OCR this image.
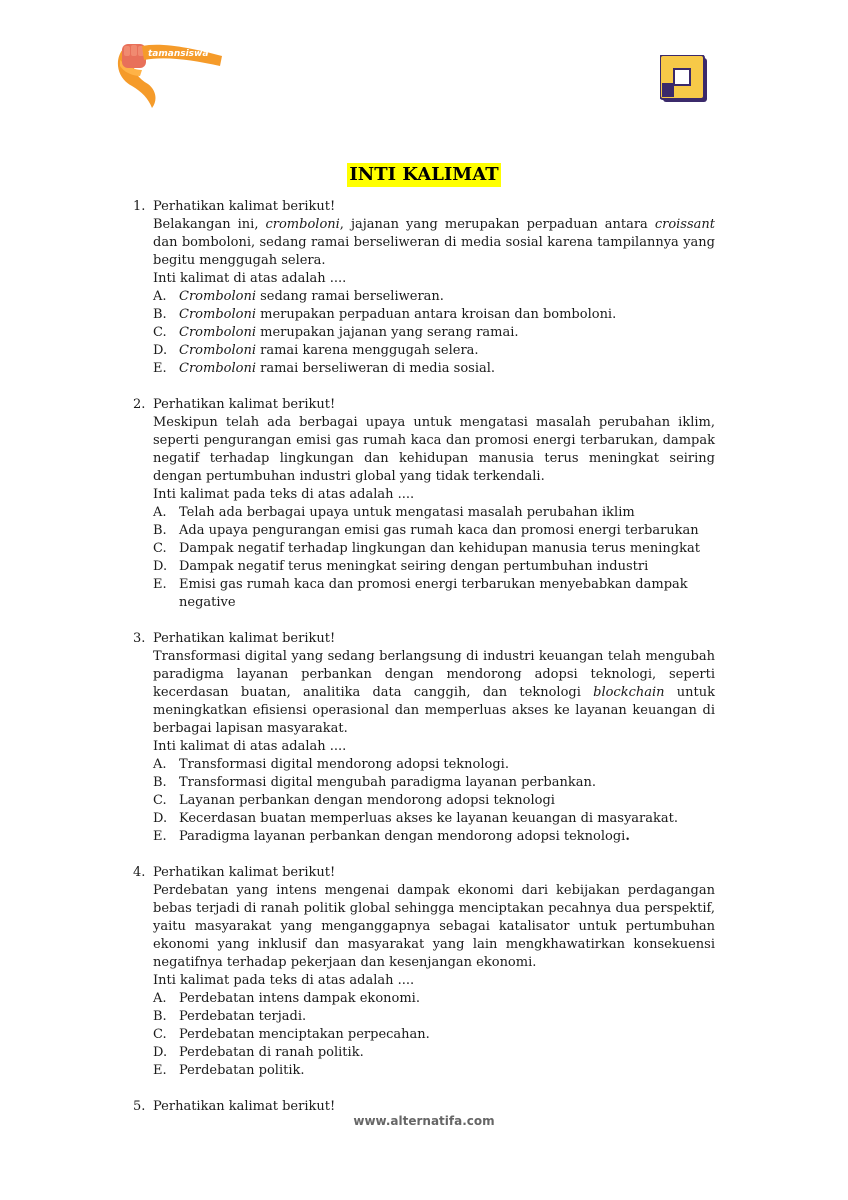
tamansiswa
INTI KALIMAT
1. Perhatikan kalimat berikut!

Belakangan ini, cromboloni, jajanan yang merupakan perpaduan antara croissant dan bomboloni, sedang ramai berseliweran di media sosial karena tampilannya yang begitu menggugah selera.

Inti kalimat di atas adalah ....
A. Cromboloni sedang ramai berseliweran.
B. Cromboloni merupakan perpaduan antara kroisan dan bomboloni.
C. Cromboloni merupakan jajanan yang serang ramai.
D. Cromboloni ramai karena menggugah selera.
E. Cromboloni ramai berseliweran di media sosial.
2. Perhatikan kalimat berikut!

Meskipun telah ada berbagai upaya untuk mengatasi masalah perubahan iklim, seperti pengurangan emisi gas rumah kaca dan promosi energi terbarukan, dampak negatif terhadap lingkungan dan kehidupan manusia terus meningkat seiring dengan pertumbuhan industri global yang tidak terkendali.

Inti kalimat pada teks di atas adalah ....
A. Telah ada berbagai upaya untuk mengatasi masalah perubahan iklim
B. Ada upaya pengurangan emisi gas rumah kaca dan promosi energi terbarukan
C. Dampak negatif terhadap lingkungan dan kehidupan manusia terus meningkat
D. Dampak negatif terus meningkat seiring dengan pertumbuhan industri
E. Emisi gas rumah kaca dan promosi energi terbarukan menyebabkan dampak negative
3. Perhatikan kalimat berikut!

Transformasi digital yang sedang berlangsung di industri keuangan telah mengubah paradigma layanan perbankan dengan mendorong adopsi teknologi, seperti kecerdasan buatan, analitika data canggih, dan teknologi blockchain untuk meningkatkan efisiensi operasional dan memperluas akses ke layanan keuangan di berbagai lapisan masyarakat.

Inti kalimat di atas adalah ....
A. Transformasi digital mendorong adopsi teknologi.
B. Transformasi digital mengubah paradigma layanan perbankan.
C. Layanan perbankan dengan mendorong adopsi teknologi
D. Kecerdasan buatan memperluas akses ke layanan keuangan di masyarakat.
E. Paradigma layanan perbankan dengan mendorong adopsi teknologi.
4. Perhatikan kalimat berikut!

Perdebatan yang intens mengenai dampak ekonomi dari kebijakan perdagangan bebas terjadi di ranah politik global sehingga menciptakan pecahnya dua perspektif, yaitu masyarakat yang menganggapnya sebagai katalisator untuk pertumbuhan ekonomi yang inklusif dan masyarakat yang lain mengkhawatirkan konsekuensi negatifnya terhadap pekerjaan dan kesenjangan ekonomi.

Inti kalimat pada teks di atas adalah ....
A. Perdebatan intens dampak ekonomi.
B. Perdebatan terjadi.
C. Perdebatan menciptakan perpecahan.
D. Perdebatan di ranah politik.
E. Perdebatan politik.
5. Perhatikan kalimat berikut!
www.alternatifa.com
